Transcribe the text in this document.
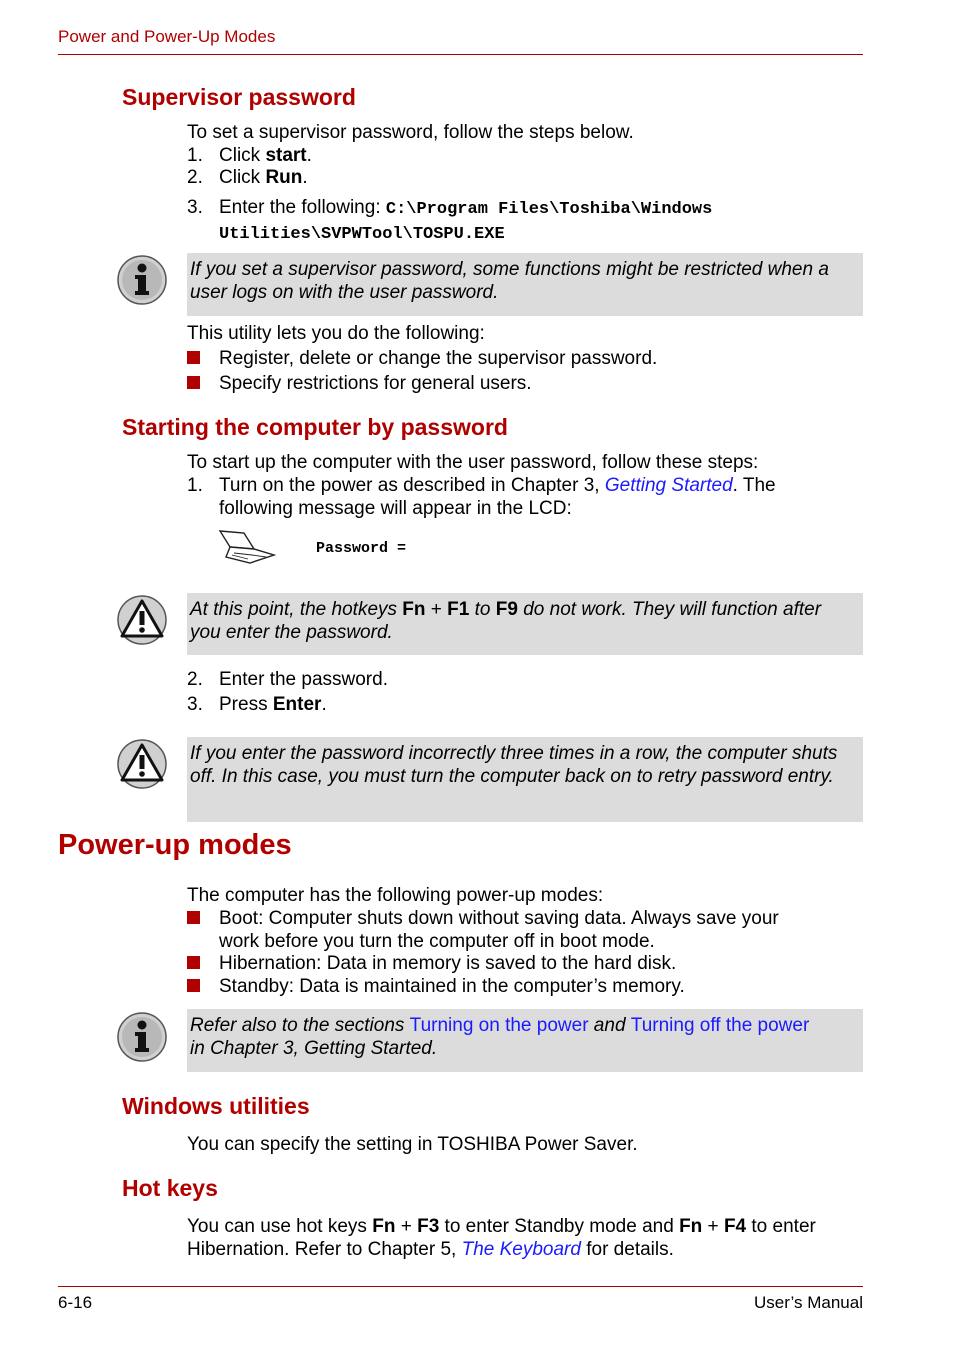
Power and Power-Up Modes
Supervisor password
To set a supervisor password, follow the steps below.
1. Click start.
2. Click Run.
3. Enter the following: C:\Program Files\Toshiba\Windows
Utilities\SVPWTool\TOSPU.EXE
If you set a supervisor password, some functions might be restricted when a user logs on with the user password.
This utility lets you do the following:
Register, delete or change the supervisor password.
Specify restrictions for general users.
Starting the computer by password
To start up the computer with the user password, follow these steps:
1. Turn on the power as described in Chapter 3, Getting Started. The
following message will appear in the LCD:
Password =
At this point, the hotkeys Fn + F1 to F9 do not work. They will function after
you enter the password.
2. Enter the password.
3. Press Enter.
If you enter the password incorrectly three times in a row, the computer shuts off. In this case, you must turn the computer back on to retry password entry.
Power-up modes
The computer has the following power-up modes:
Boot: Computer shuts down without saving data. Always save your
work before you turn the computer off in boot mode.
Hibernation: Data in memory is saved to the hard disk.
Standby: Data is maintained in the computer’s memory.
Refer also to the sections Turning on the power and Turning off the power
in Chapter 3, Getting Started.
Windows utilities
You can specify the setting in TOSHIBA Power Saver.
Hot keys
You can use hot keys Fn + F3 to enter Standby mode and Fn + F4 to enter
Hibernation. Refer to Chapter 5, The Keyboard for details.
6-16	User’s Manual
